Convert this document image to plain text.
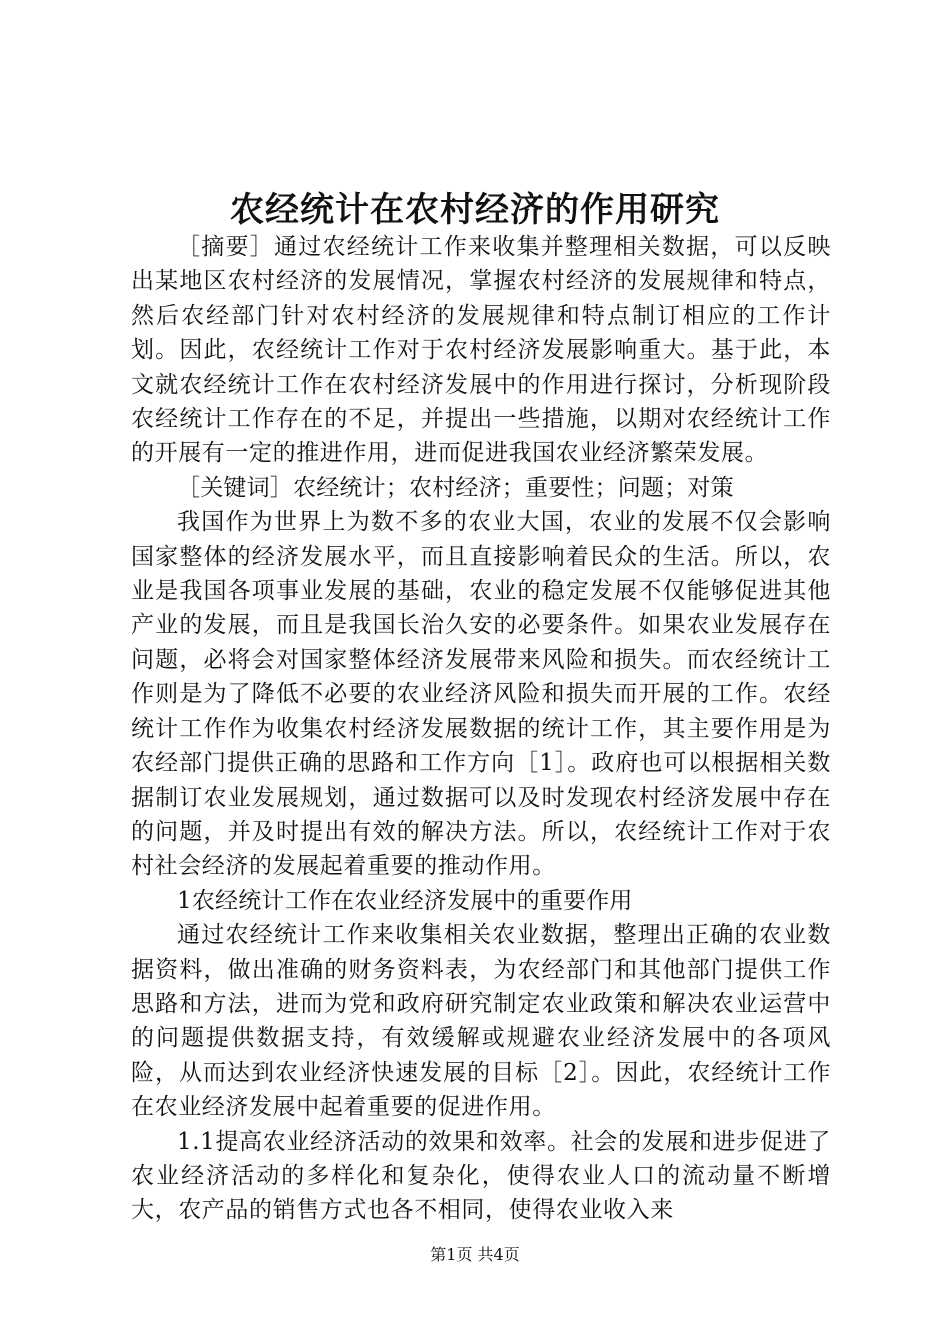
农经统计在农村经济的作用研究

［摘要］通过农经统计工作来收集并整理相关数据，可以反映出某地区农村经济的发展情况，掌握农村经济的发展规律和特点，然后农经部门针对农村经济的发展规律和特点制订相应的工作计划。因此，农经统计工作对于农村经济发展影响重大。基于此，本文就农经统计工作在农村经济发展中的作用进行探讨，分析现阶段农经统计工作存在的不足，并提出一些措施，以期对农经统计工作的开展有一定的推进作用，进而促进我国农业经济繁荣发展。

［关键词］农经统计；农村经济；重要性；问题；对策

我国作为世界上为数不多的农业大国，农业的发展不仅会影响国家整体的经济发展水平，而且直接影响着民众的生活。所以，农业是我国各项事业发展的基础，农业的稳定发展不仅能够促进其他产业的发展，而且是我国长治久安的必要条件。如果农业发展存在问题，必将会对国家整体经济发展带来风险和损失。而农经统计工作则是为了降低不必要的农业经济风险和损失而开展的工作。农经统计工作作为收集农村经济发展数据的统计工作，其主要作用是为农经部门提供正确的思路和工作方向［1］。政府也可以根据相关数据制订农业发展规划，通过数据可以及时发现农村经济发展中存在的问题，并及时提出有效的解决方法。所以，农经统计工作对于农村社会经济的发展起着重要的推动作用。

1农经统计工作在农业经济发展中的重要作用

通过农经统计工作来收集相关农业数据，整理出正确的农业数据资料，做出准确的财务资料表，为农经部门和其他部门提供工作思路和方法，进而为党和政府研究制定农业政策和解决农业运营中的问题提供数据支持，有效缓解或规避农业经济发展中的各项风险，从而达到农业经济快速发展的目标［2］。因此，农经统计工作在农业经济发展中起着重要的促进作用。

1.1提高农业经济活动的效果和效率。社会的发展和进步促进了农业经济活动的多样化和复杂化，使得农业人口的流动量不断增大，农产品的销售方式也各不相同，使得农业收入来

第1页 共4页
